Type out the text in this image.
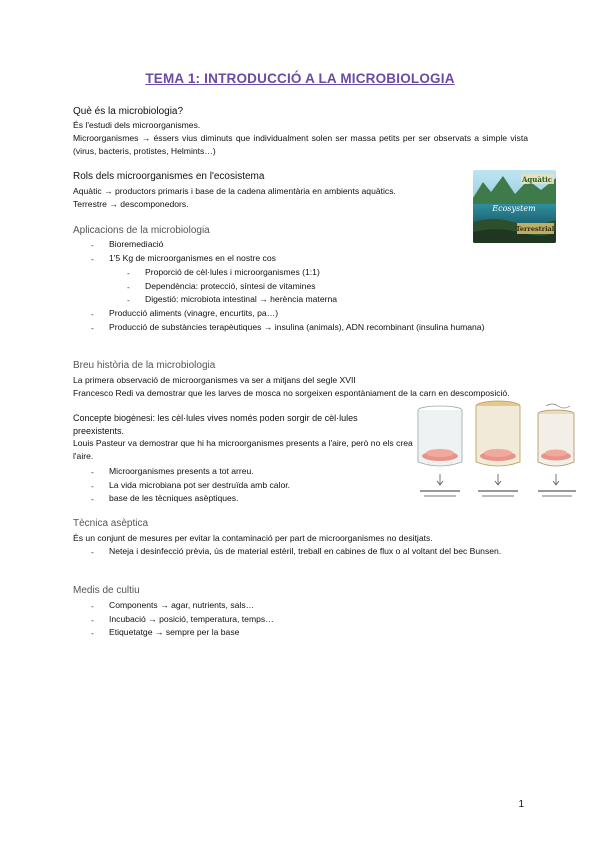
TEMA 1: INTRODUCCIÓ A LA MICROBIOLOGIA
Què és la microbiologia?
És l'estudi dels microorganismes.
Microorganismes → éssers vius diminuts que individualment solen ser massa petits per ser observats a simple vista (virus, bacteris, protistes, Helmints…)
Rols dels microorganismes en l'ecosistema
Aquàtic → productors primaris i base de la cadena alimentària en ambients aquàtics.
Terrestre → descomponedors.
Aquàtic
Ecosystem
Terrestrial
Aplicacions de la microbiologia
- Bioremediació
- 1'5 Kg de microorganismes en el nostre cos
- Proporció de cèl·lules i microorganismes (1:1)
- Dependència: protecció, síntesi de vitamines
- Digestió: microbiota intestinal → herència materna
- Producció aliments (vinagre, encurtits, pa…)
- Producció de substàncies terapèutiques → insulina (animals), ADN recombinant (insulina humana)
Breu història de la microbiologia
La primera observació de microorganismes va ser a mitjans del segle XVII
Francesco Redi va demostrar que les larves de mosca no sorgeixen espontàniament de la carn en descomposició.
Concepte biogènesi: les cèl·lules vives només poden sorgir de cèl·lules preexistents.
Louis Pasteur va demostrar que hi ha microorganismes presents a l'aire, però no els crea l'aire.
- Microorganismes presents a tot arreu.
- La vida microbiana pot ser destruïda amb calor.
- base de les tècniques asèptiques.
Tècnica asèptica
És un conjunt de mesures per evitar la contaminació per part de microorganismes no desitjats.
- Neteja i desinfecció prèvia, ús de material estèril, treball en cabines de flux o al voltant del bec Bunsen.
Medis de cultiu
- Components → agar, nutrients, sals…
- Incubació → posició, temperatura, temps…
- Etiquetatge → sempre per la base
1
